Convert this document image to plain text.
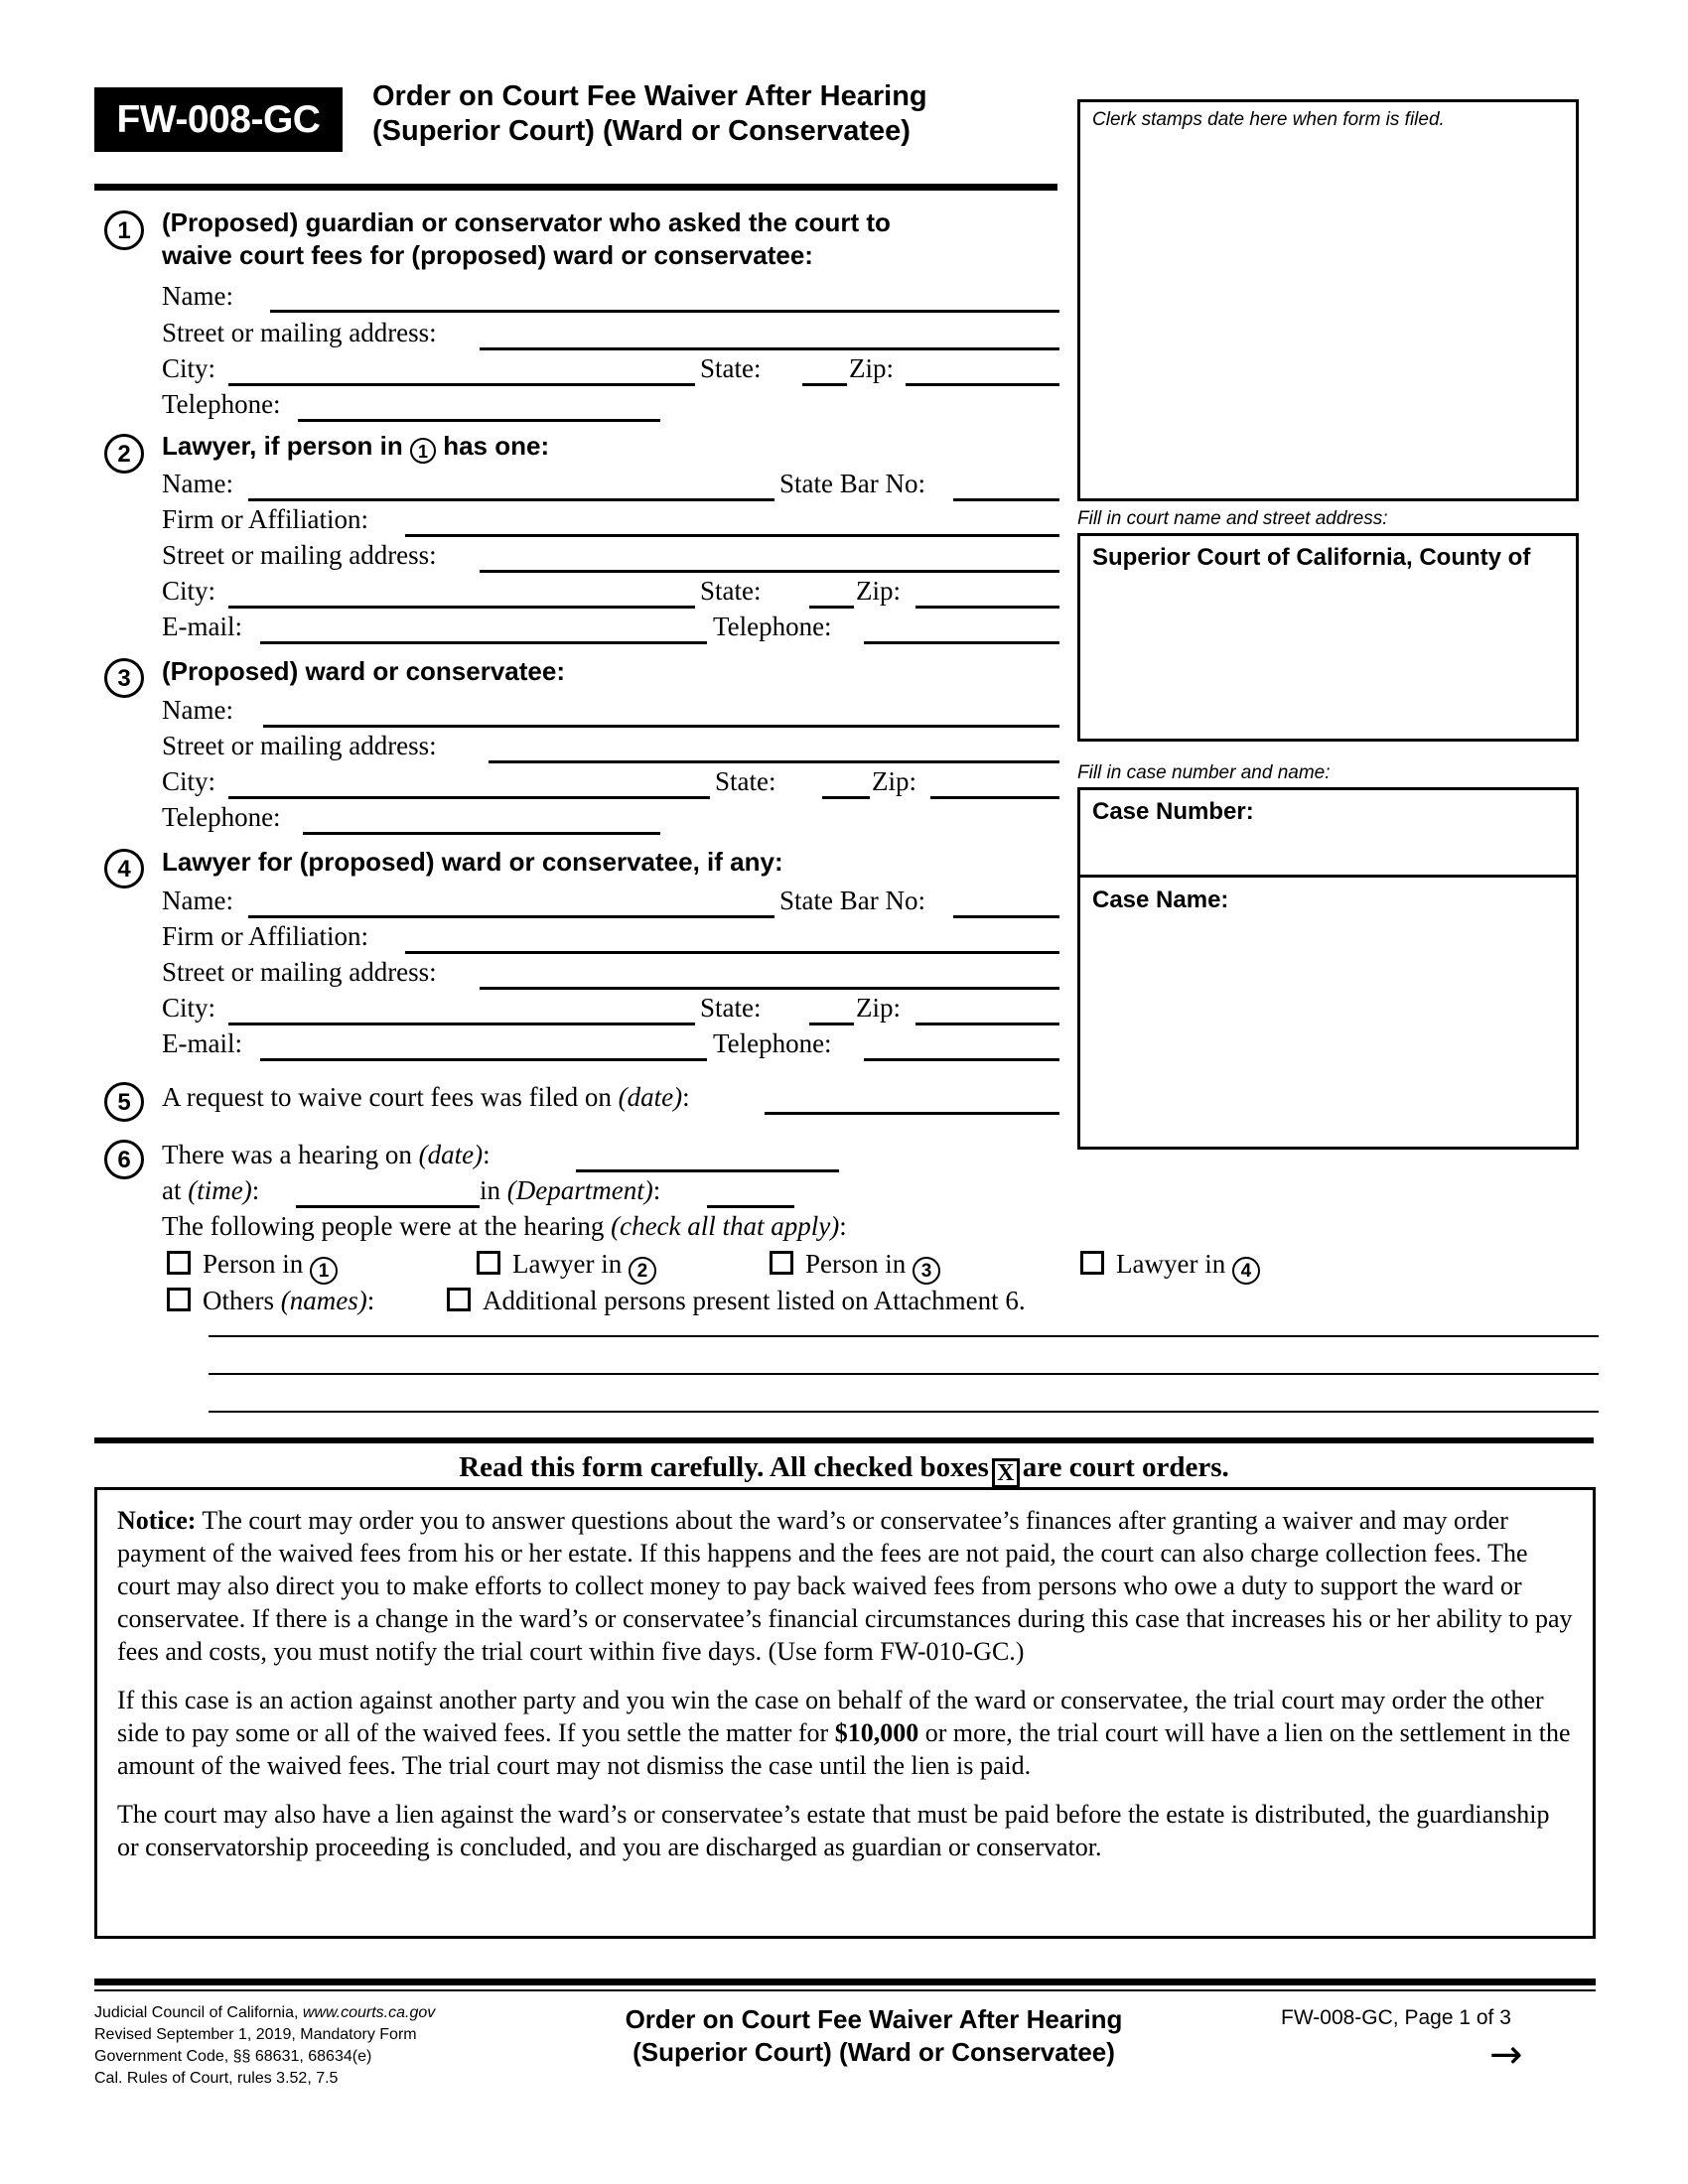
FW-008-GC
Order on Court Fee Waiver After Hearing
(Superior Court) (Ward or Conservatee)	Clerk stamps date here when form is filed.
Fill in court name and street address:
Superior Court of California, County of
Fill in case number and name:
Case Number:
Case Name:
1	(Proposed) guardian or conservator who asked the court to
waive court fees for (proposed) ward or conservatee:
Name:
Street or mailing address:
City:	State:	Zip:
Telephone:
2	Lawyer, if person in 1 has one:
Name:	State Bar No:
Firm or Affiliation:
Street or mailing address:
City:	State:	Zip:
E-mail:	Telephone:
3	(Proposed) ward or conservatee:
Name:
Street or mailing address:
City:	State:	Zip:
Telephone:
4	Lawyer for (proposed) ward or conservatee, if any:
Name:	State Bar No:
Firm or Affiliation:
Street or mailing address:
City:	State:	Zip:
E-mail:	Telephone:
5	A request to waive court fees was filed on (date):
6	There was a hearing on (date):
at (time):	in (Department):
The following people were at the hearing (check all that apply):
Person in 1	Lawyer in 2	Person in 3	Lawyer in 4
Others (names):	Additional persons present listed on Attachment 6.
Read this form carefully. All checked boxes X are court orders.

Notice: The court may order you to answer questions about the ward’s or conservatee’s finances after granting a waiver and may order payment of the waived fees from his or her estate. If this happens and the fees are not paid, the court can also charge collection fees. The court may also direct you to make efforts to collect money to pay back waived fees from persons who owe a duty to support the ward or conservatee. If there is a change in the ward’s or conservatee’s financial circumstances during this case that increases his or her ability to pay fees and costs, you must notify the trial court within five days. (Use form FW-010-GC.)

If this case is an action against another party and you win the case on behalf of the ward or conservatee, the trial court may order the other side to pay some or all of the waived fees. If you settle the matter for $10,000 or more, the trial court will have a lien on the settlement in the amount of the waived fees. The trial court may not dismiss the case until the lien is paid.

The court may also have a lien against the ward’s or conservatee’s estate that must be paid before the estate is distributed, the guardianship or conservatorship proceeding is concluded, and you are discharged as guardian or conservator.

Judicial Council of California, www.courts.ca.gov
Revised September 1, 2019, Mandatory Form
Government Code, §§ 68631, 68634(e)
Cal. Rules of Court, rules 3.52, 7.5
Order on Court Fee Waiver After Hearing
(Superior Court) (Ward or Conservatee)
FW-008-GC, Page 1 of 3
→
